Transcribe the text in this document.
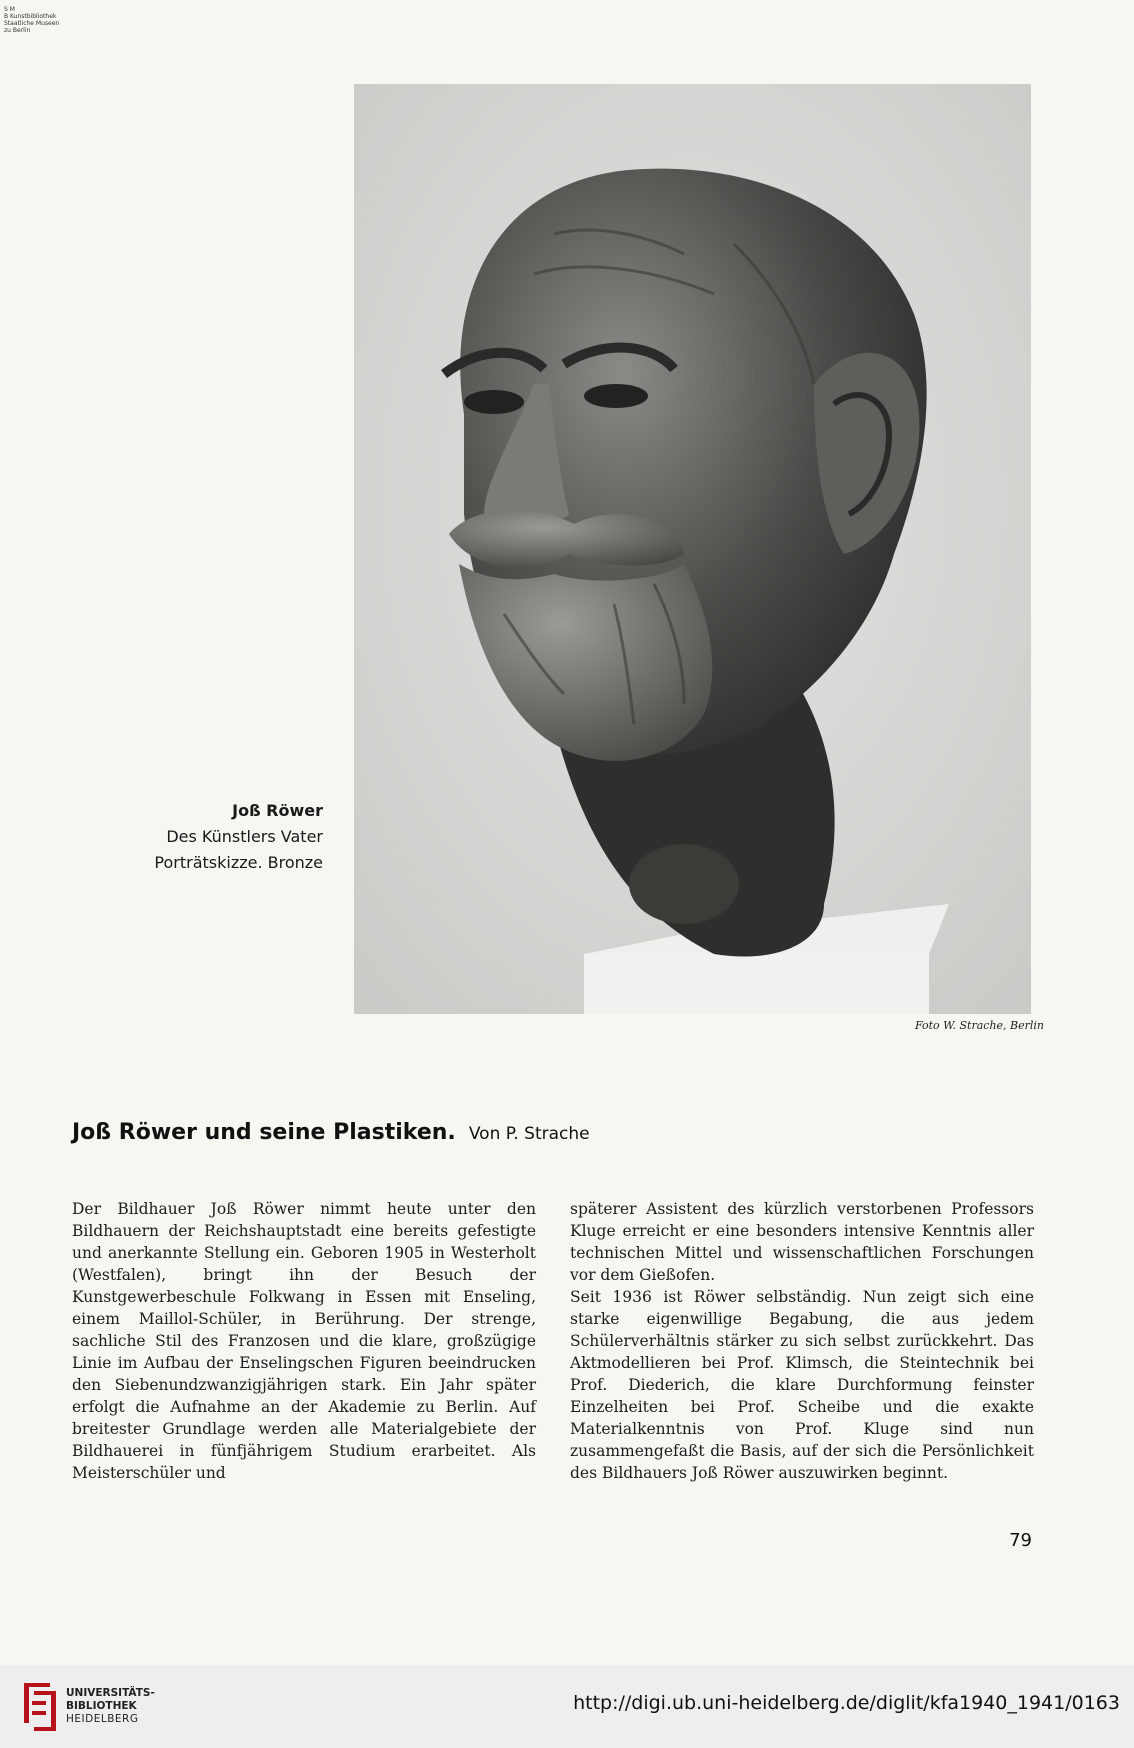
S M
B Kunstbibliothek
Staatliche Museen
zu Berlin
Foto W. Strache, Berlin
Joß Röwer
Des Künstlers Vater
Porträtskizze. Bronze
Joß Röwer und seine Plastiken. Von P. Strache

Der Bildhauer Joß Röwer nimmt heute unter den Bildhauern der Reichshauptstadt eine bereits gefestigte und anerkannte Stellung ein. Geboren 1905 in Westerholt (Westfalen), bringt ihn der Besuch der Kunstgewerbeschule Folkwang in Essen mit Enseling, einem Maillol-Schüler, in Berührung. Der strenge, sachliche Stil des Franzosen und die klare, großzügige Linie im Aufbau der Enselingschen Figuren beeindrucken den Siebenundzwanzigjährigen stark. Ein Jahr später erfolgt die Aufnahme an der Akademie zu Berlin. Auf breitester Grundlage werden alle Materialgebiete der Bildhauerei in fünfjährigem Studium erarbeitet. Als Meisterschüler und

späterer Assistent des kürzlich verstorbenen Professors Kluge erreicht er eine besonders intensive Kenntnis aller technischen Mittel und wissenschaftlichen Forschungen vor dem Gießofen.

Seit 1936 ist Röwer selbständig. Nun zeigt sich eine starke eigenwillige Begabung, die aus jedem Schülerverhältnis stärker zu sich selbst zurückkehrt. Das Aktmodellieren bei Prof. Klimsch, die Steintechnik bei Prof. Diederich, die klare Durchformung feinster Einzelheiten bei Prof. Scheibe und die exakte Materialkenntnis von Prof. Kluge sind nun zusammengefaßt die Basis, auf der sich die Persönlichkeit des Bildhauers Joß Röwer auszuwirken beginnt.

79
UNIVERSITÄTS-
BIBLIOTHEK
HEIDELBERG
http://digi.ub.uni-heidelberg.de/diglit/kfa1940_1941/0163
